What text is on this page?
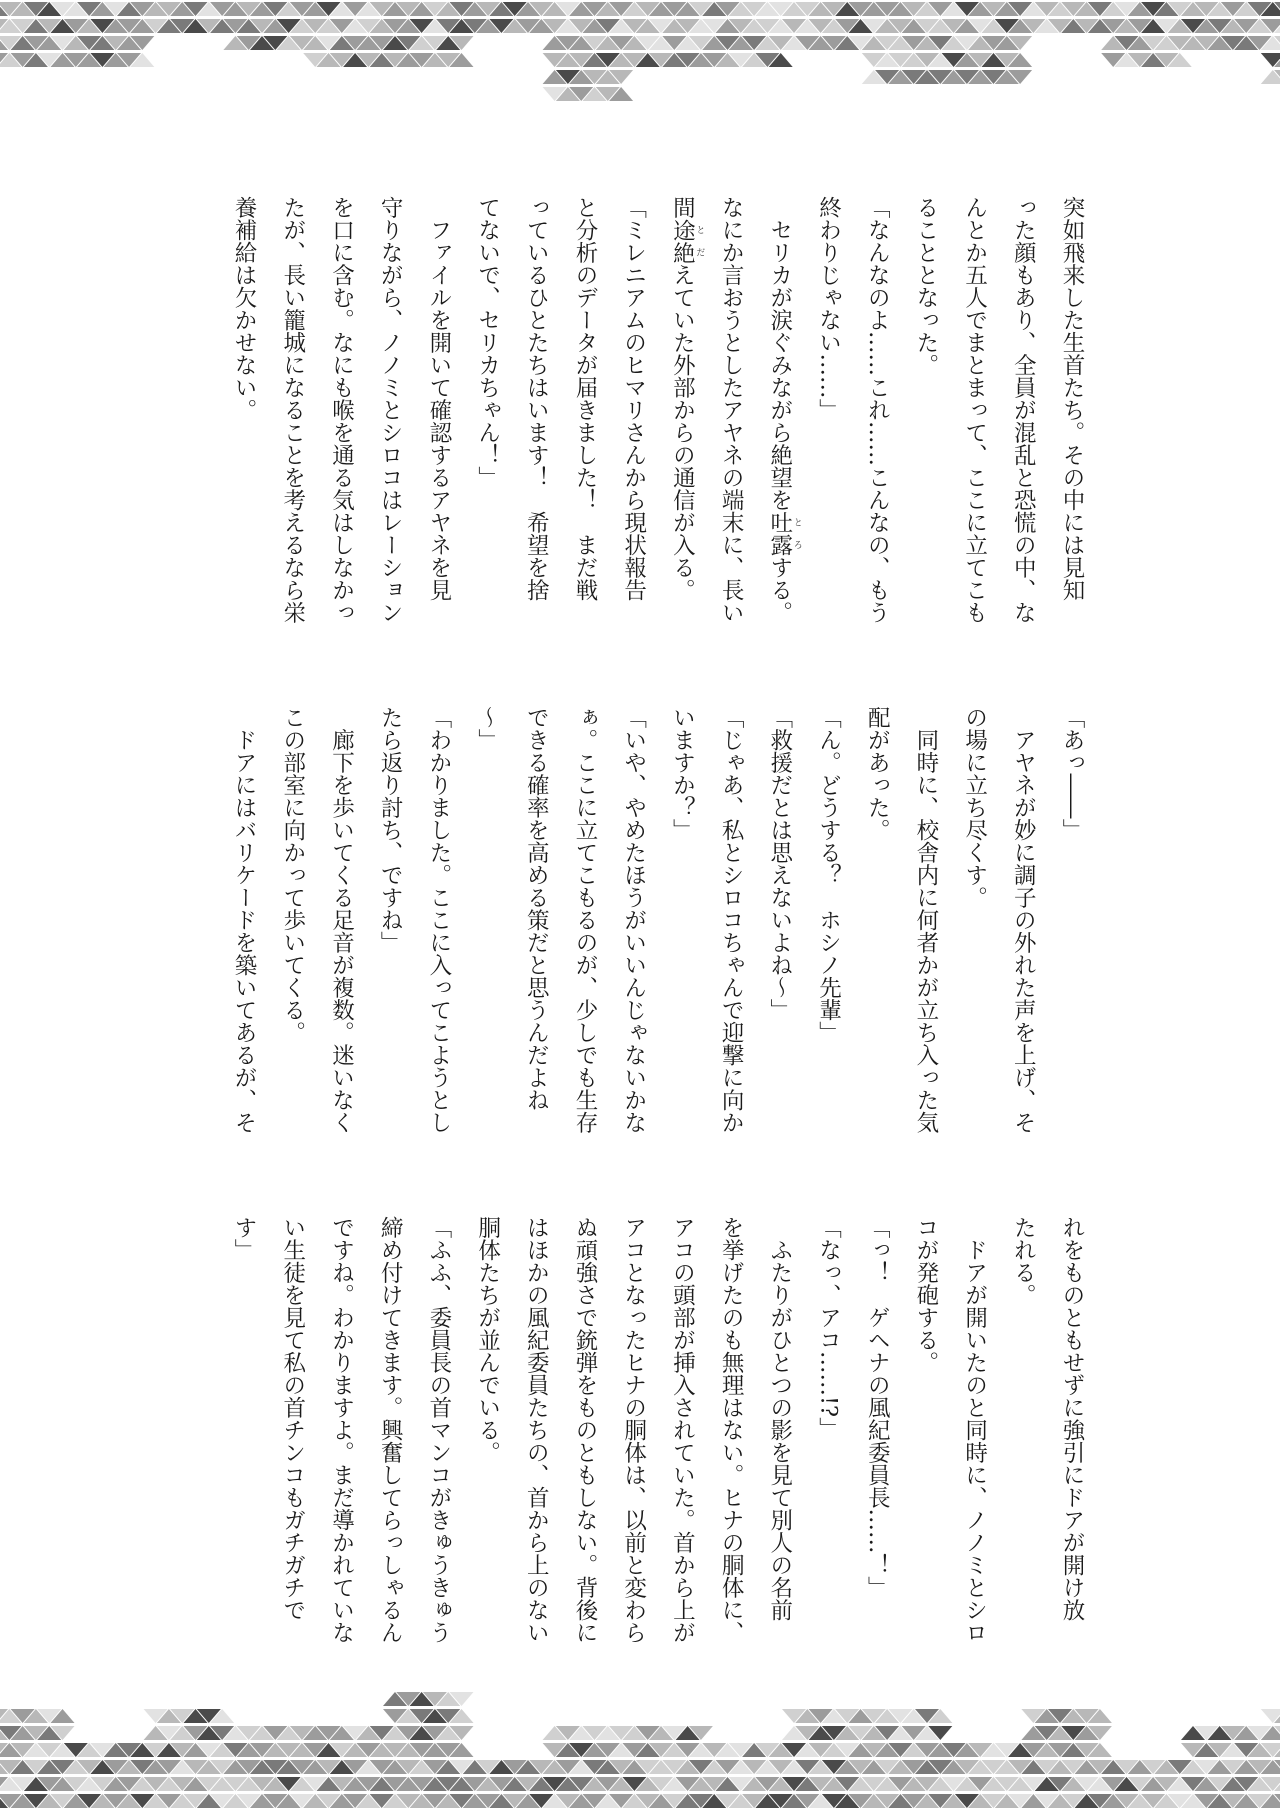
突如飛来した生首たち。その中には見知
った顔もあり、全員が混乱と恐慌の中、な
んとか五人でまとまって、ここに立てこも
ることとなった。
「なんなのよ……これ……こんなの、もう
終わりじゃない……」
　セリカが涙ぐみながら絶望を吐露 とろする。
なにか言おうとしたアヤネの端末に、長い
間途絶 とだえていた外部からの通信が入る。
「ミレニアムのヒマリさんから現状報告
と分析のデータが届きました！　まだ戦
っているひとたちはいます！　希望を捨
てないで、セリカちゃん！」
　ファイルを開いて確認するアヤネを見
守りながら、ノノミとシロコはレーション
を口に含む。なにも喉を通る気はしなかっ
たが、長い籠城になることを考えるなら栄
養補給は欠かせない。
「あっ――」
　アヤネが妙に調子の外れた声を上げ、そ
の場に立ち尽くす。
　同時に、校舎内に何者かが立ち入った気
配があった。
「ん。どうする？　ホシノ先輩」
「救援だとは思えないよね～」
「じゃあ、私とシロコちゃんで迎撃に向か
いますか？」
「いや、やめたほうがいいんじゃないかな
ぁ。ここに立てこもるのが、少しでも生存
できる確率を高める策だと思うんだよね
～」
「わかりました。ここに入ってこようとし
たら返り討ち、ですね」
　廊下を歩いてくる足音が複数。迷いなく
この部室に向かって歩いてくる。
　ドアにはバリケードを築いてあるが、そ
れをものともせずに強引にドアが開け放
たれる。
　ドアが開いたのと同時に、ノノミとシロ
コが発砲する。
「っ！　ゲヘナの風紀委員長……！」
「なっ、アコ……!?」
　ふたりがひとつの影を見て別人の名前
を挙げたのも無理はない。ヒナの胴体に、
アコの頭部が挿入されていた。首から上が
アコとなったヒナの胴体は、以前と変わら
ぬ頑強さで銃弾をものともしない。背後に
はほかの風紀委員たちの、首から上のない
胴体たちが並んでいる。
「ふふ、委員長の首マンコがきゅうきゅう
締め付けてきます。興奮してらっしゃるん
ですね。わかりますよ。まだ導かれていな
い生徒を見て私の首チンコもガチガチで
す」
